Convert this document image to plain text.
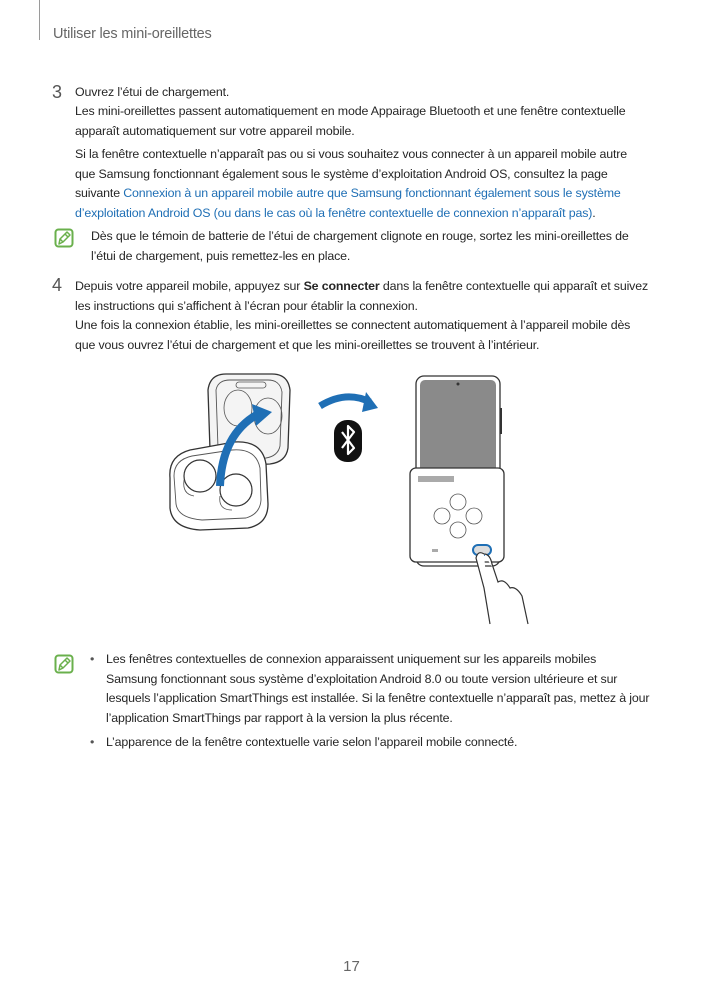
Utiliser les mini-oreillettes
3 Ouvrez l’étui de chargement.
Les mini-oreillettes passent automatiquement en mode Appairage Bluetooth et une fenêtre contextuelle apparaît automatiquement sur votre appareil mobile.
Si la fenêtre contextuelle n’apparaît pas ou si vous souhaitez vous connecter à un appareil mobile autre que Samsung fonctionnant également sous le système d’exploitation Android OS, consultez la page suivante Connexion à un appareil mobile autre que Samsung fonctionnant également sous le système d’exploitation Android OS (ou dans le cas où la fenêtre contextuelle de connexion n’apparaît pas).
Dès que le témoin de batterie de l’étui de chargement clignote en rouge, sortez les mini-oreillettes de l’étui de chargement, puis remettez-les en place.
4 Depuis votre appareil mobile, appuyez sur Se connecter dans la fenêtre contextuelle qui apparaît et suivez les instructions qui s’affichent à l’écran pour établir la connexion.
Une fois la connexion établie, les mini-oreillettes se connectent automatiquement à l’appareil mobile dès que vous ouvrez l’étui de chargement et que les mini-oreillettes se trouvent à l’intérieur.
• Les fenêtres contextuelles de connexion apparaissent uniquement sur les appareils mobiles Samsung fonctionnant sous système d’exploitation Android 8.0 ou toute version ultérieure et sur lesquels l’application SmartThings est installée. Si la fenêtre contextuelle n’apparaît pas, mettez à jour l’application SmartThings par rapport à la version la plus récente.
• L’apparence de la fenêtre contextuelle varie selon l’appareil mobile connecté.
17
